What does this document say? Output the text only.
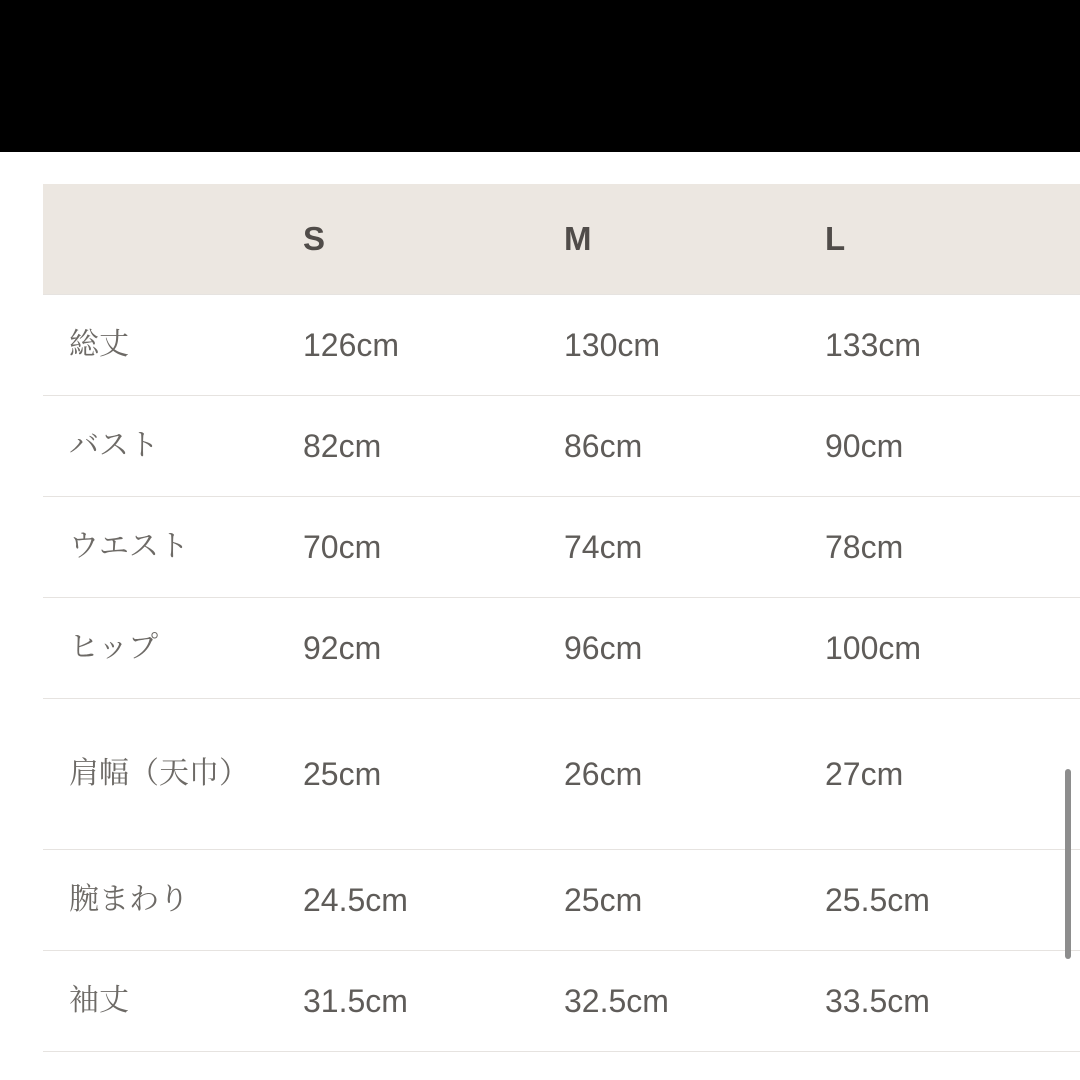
	S	M	L
総丈	126cm	130cm	133cm
バスト	82cm	86cm	90cm
ウエスト	70cm	74cm	78cm
ヒップ	92cm	96cm	100cm
肩幅（天巾）	25cm	26cm	27cm
腕まわり	24.5cm	25cm	25.5cm
袖丈	31.5cm	32.5cm	33.5cm
